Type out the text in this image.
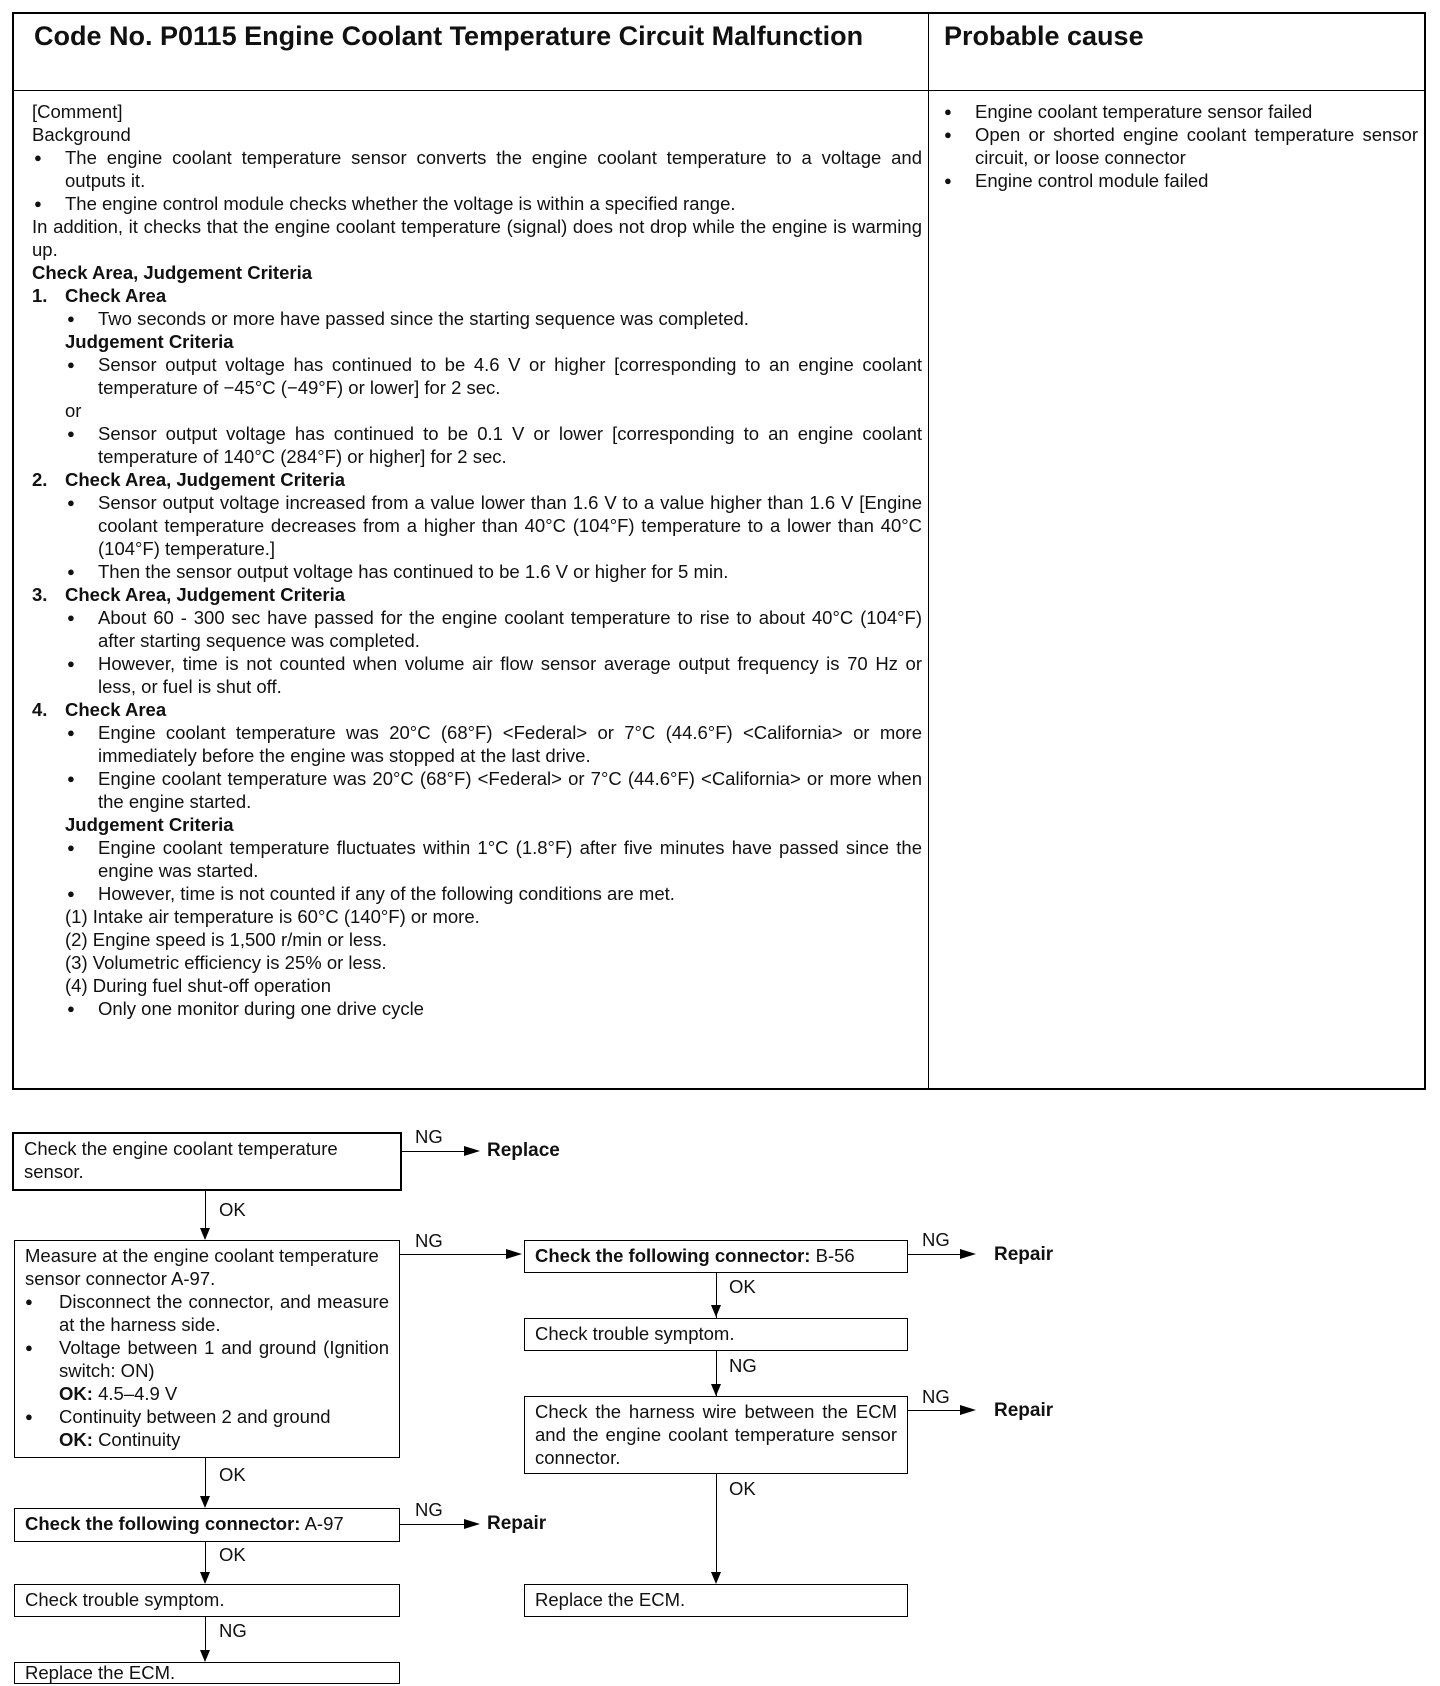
Code No. P0115 Engine Coolant Temperature Circuit Malfunction	Probable cause

[Comment]

Background

● The engine coolant temperature sensor converts the engine coolant temperature to a voltage and outputs it.

● The engine control module checks whether the voltage is within a specified range.

In addition, it checks that the engine coolant temperature (signal) does not drop while the engine is warming up.

Check Area, Judgement Criteria

1. Check Area

● Two seconds or more have passed since the starting sequence was completed.

Judgement Criteria

● Sensor output voltage has continued to be 4.6 V or higher [corresponding to an engine coolant temperature of −45°C (−49°F) or lower] for 2 sec.

or

● Sensor output voltage has continued to be 0.1 V or lower [corresponding to an engine coolant temperature of 140°C (284°F) or higher] for 2 sec.

2. Check Area, Judgement Criteria

● Sensor output voltage increased from a value lower than 1.6 V to a value higher than 1.6 V [Engine coolant temperature decreases from a higher than 40°C (104°F) temperature to a lower than 40°C (104°F) temperature.]

● Then the sensor output voltage has continued to be 1.6 V or higher for 5 min.

3. Check Area, Judgement Criteria

● About 60 - 300 sec have passed for the engine coolant temperature to rise to about 40°C (104°F) after starting sequence was completed.

● However, time is not counted when volume air flow sensor average output frequency is 70 Hz or less, or fuel is shut off.

4. Check Area

● Engine coolant temperature was 20°C (68°F) <Federal> or 7°C (44.6°F) <California> or more immediately before the engine was stopped at the last drive.

● Engine coolant temperature was 20°C (68°F) <Federal> or 7°C (44.6°F) <California> or more when the engine started.

Judgement Criteria

● Engine coolant temperature fluctuates within 1°C (1.8°F) after five minutes have passed since the engine was started.

● However, time is not counted if any of the following conditions are met.

(1) Intake air temperature is 60°C (140°F) or more.

(2) Engine speed is 1,500 r/min or less.

(3) Volumetric efficiency is 25% or less.

(4) During fuel shut-off operation

● Only one monitor during one drive cycle

● Engine coolant temperature sensor failed

● Open or shorted engine coolant temperature sensor circuit, or loose connector

● Engine control module failed

Check the engine coolant temperature sensor.
NG
Replace
OK
Measure at the engine coolant temperature sensor connector A-97.
● Disconnect the connector, and measure at the harness side.
● Voltage between 1 and ground (Ignition switch: ON)
OK: 4.5–4.9 V
● Continuity between 2 and ground
OK: Continuity
NG
OK
Check the following connector: A-97
NG
Repair
OK
Check trouble symptom.
NG
Replace the ECM.
Check the following connector: B-56
NG
Repair
OK
Check trouble symptom.
NG
Check the harness wire between the ECM and the engine coolant temperature sensor connector.
NG
Repair
OK
Replace the ECM.
